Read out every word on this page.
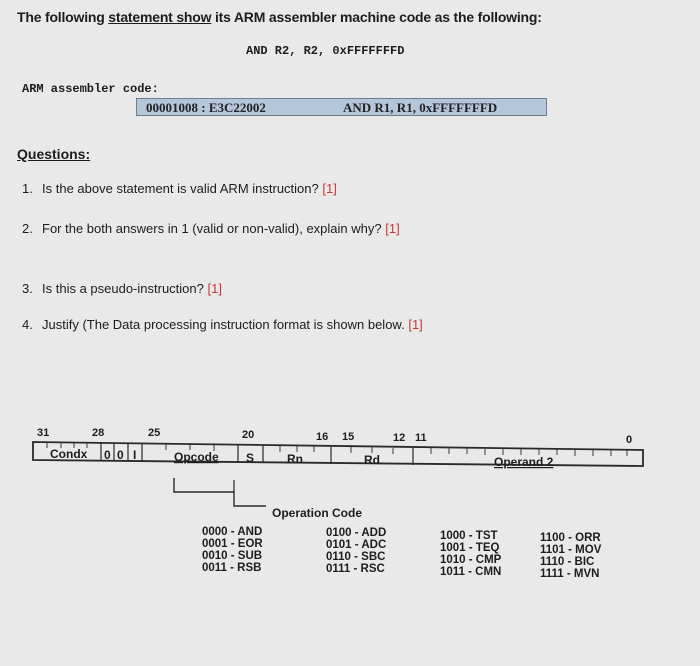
The following statement show its ARM assembler machine code as the following:
AND R2, R2, 0xFFFFFFFD
ARM assembler code:
00001008 : E3C22002	AND R1, R1, 0xFFFFFFFD
Questions:
1. Is the above statement is valid ARM instruction? [1]
2. For the both answers in 1 (valid or non-valid), explain why? [1]
3. Is this a pseudo-instruction? [1]
4. Justify (The Data processing instruction format is shown below. [1]
31	28	25	20	16 15	12 11	0
Condx 0 0 I	Opcode S	Rn	Rd	Operand 2
Operation Code
0000 - AND
0001 - EOR
0010 - SUB
0011 - RSB
0100 - ADD
0101 - ADC
0110 - SBC
0111 - RSC
1000 - TST
1001 - TEQ
1010 - CMP
1011 - CMN
1100 - ORR
1101 - MOV
1110 - BIC
1111 - MVN
